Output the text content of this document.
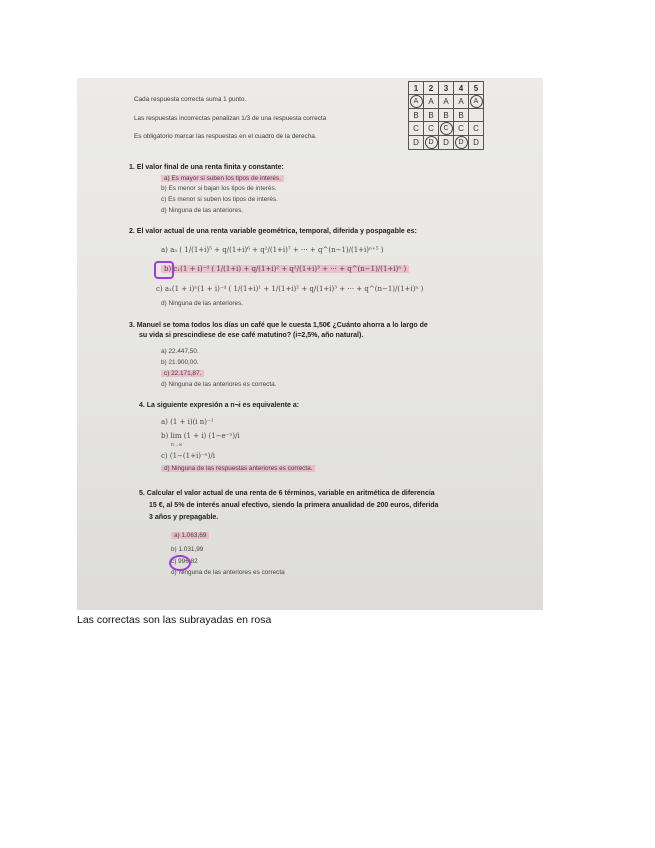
1	2	3	4	5
A	A	A	A	A
B	B	B	B	
C	C	C	C	C
D	D	D	D	D
Cada respuesta correcta suma 1 punto.
Las respuestas incorrectas penalizan 1/3 de una respuesta correcta
Es obligatorio marcar las respuestas en el cuadro de la derecha.
1. El valor final de una renta finita y constante:
a) Es mayor si suben los tipos de interés.
b) Es menor si bajan los tipos de interés.
c) Es menor si suben los tipos de interés.
d) Ninguna de las anteriores.
2. El valor actual de una renta variable geométrica, temporal, diferida y pospagable es:
a) a₅ ( 1/(1+i)⁵ + q/(1+i)⁶ + q²/(1+i)⁷ + ··· + q^(n−1)/(1+i)ⁿ⁺⁵ )
b) c₁(1 + i)⁻ᵈ ( 1/(1+i) + q/(1+i)² + q²/(1+i)³ + ··· + q^(n−1)/(1+i)ⁿ )
c) a₁(1 + i)ⁿ(1 + i)⁻ᵈ ( 1/(1+i)¹ + 1/(1+i)² + q/(1+i)³ + ··· + q^(n−1)/(1+i)ⁿ )
d) Ninguna de las anteriores.
3. Manuel se toma todos los días un café que le cuesta 1,50€ ¿Cuánto ahorra a lo largo de
su vida si prescindiese de ese café matutino? (i=2,5%, año natural).
a) 22.447,50.
b) 21.900,00.
c) 22.171,87.
d) Ninguna de las anteriores es correcta.
4. La siguiente expresión a n¬i es equivalente a:
a) (1 + i)(i n)⁻¹
b) lim (1 + i) (1−e⁻ⁿ)/i
n→∞
c) (1−(1+i)⁻ⁿ)/i
d) Ninguna de las respuestas anteriores es correcta.
5. Calcular el valor actual de una renta de 6 términos, variable en aritmética de diferencia
15 €, al 5% de interés anual efectivo, siendo la primera anualidad de 200 euros, diferida
3 años y prepagable.
a) 1.063,69
b) 1.031,99
c) 996,82
d) Ninguna de las anteriores es correcta
Las correctas son las subrayadas en rosa
